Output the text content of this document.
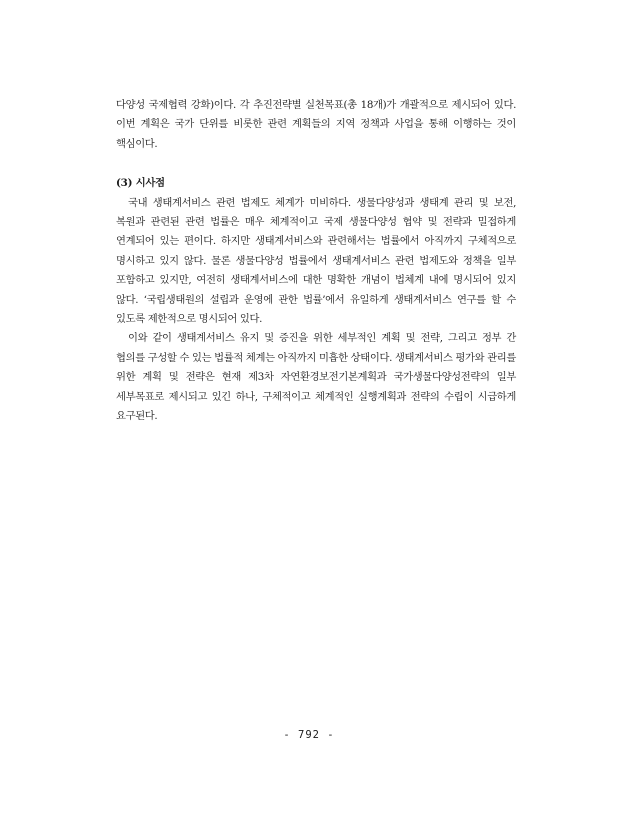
다양성 국제협력 강화)이다. 각 추진전략별 실천목표(총 18개)가 개괄적으로 제시되어 있다. 이번 계획은 국가 단위를 비롯한 관련 계획들의 지역 정책과 사업을 통해 이행하는 것이 핵심이다.

(3) 시사점

국내 생태계서비스 관련 법제도 체계가 미비하다. 생물다양성과 생태계 관리 및 보전, 복원과 관련된 관련 법률은 매우 체계적이고 국제 생물다양성 협약 및 전략과 밀접하게 연계되어 있는 편이다. 하지만 생태계서비스와 관련해서는 법률에서 아직까지 구체적으로 명시하고 있지 않다. 물론 생물다양성 법률에서 생태계서비스 관련 법제도와 정책을 일부 포함하고 있지만, 여전히 생태계서비스에 대한 명확한 개념이 법체계 내에 명시되어 있지 않다. ‘국립생태원의 설립과 운영에 관한 법률’에서 유일하게 생태계서비스 연구를 할 수 있도록 제한적으로 명시되어 있다.

이와 같이 생태계서비스 유지 및 증진을 위한 세부적인 계획 및 전략, 그리고 정부 간 협의를 구성할 수 있는 법률적 체계는 아직까지 미흡한 상태이다. 생태계서비스 평가와 관리를 위한 계획 및 전략은 현재 제3차 자연환경보전기본계획과 국가생물다양성전략의 일부 세부목표로 제시되고 있긴 하나, 구체적이고 체계적인 실행계획과 전략의 수립이 시급하게 요구된다.

- 792 -
